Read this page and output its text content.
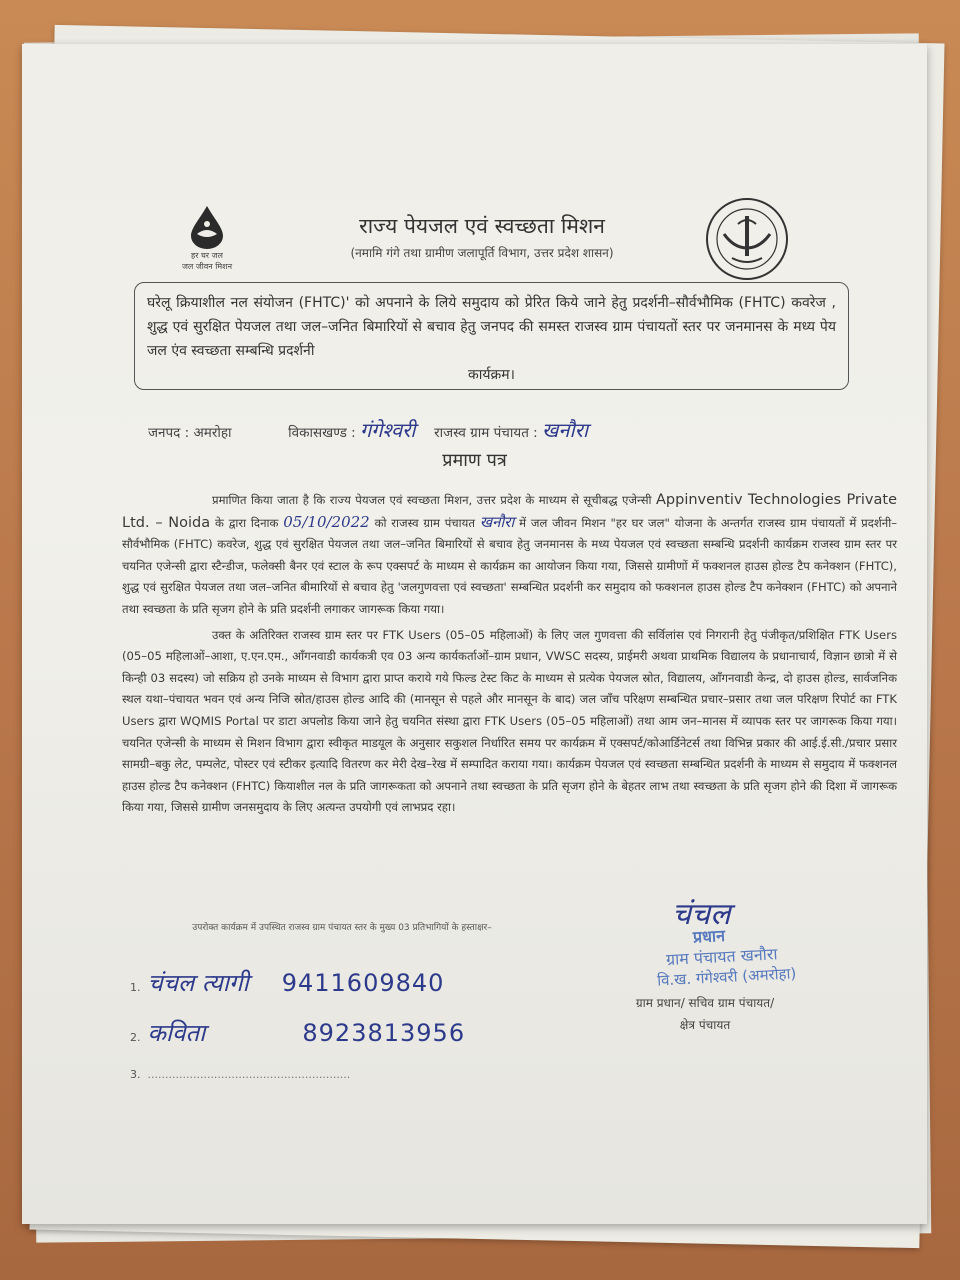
हर घर जल
जल जीवन मिशन
राज्य पेयजल एवं स्वच्छता मिशन
(नमामि गंगे तथा ग्रामीण जलापूर्ति विभाग, उत्तर प्रदेश शासन)
घरेलू क्रियाशील नल संयोजन (FHTC)' को अपनाने के लिये समुदाय को प्रेरित किये जाने हेतु प्रदर्शनी–सौर्वभौमिक (FHTC) कवरेज , शुद्ध एवं सुरक्षित पेयजल तथा जल–जनित बिमारियों से बचाव हेतु जनपद की समस्त राजस्व ग्राम पंचायतों स्तर पर जनमानस के मध्य पेय जल एंव स्वच्छता सम्बन्धि प्रदर्शनी
कार्यक्रम।
जनपद : अमरोहा	विकासखण्ड : गंगेश्वरी राजस्व ग्राम पंचायत : खनौरा
प्रमाण पत्र

प्रमाणित किया जाता है कि राज्य पेयजल एवं स्वच्छता मिशन, उत्तर प्रदेश के माध्यम से सूचीबद्ध एजेन्सी Appinventiv Technologies Private Ltd. – Noida के द्वारा दिनाक 05/10/2022 को राजस्व ग्राम पंचायत खनौरा में जल जीवन मिशन "हर घर जल" योजना के अन्तर्गत राजस्व ग्राम पंचायतों में प्रदर्शनी–सौर्वभौमिक (FHTC) कवरेज, शुद्ध एवं सुरक्षित पेयजल तथा जल–जनित बिमारियों से बचाव हेतु जनमानस के मध्य पेयजल एवं स्वच्छता सम्बन्धि प्रदर्शनी कार्यक्रम राजस्व ग्राम स्तर पर चयनित एजेन्सी द्वारा स्टैन्डीज, फलेक्सी बैनर एवं स्टाल के रूप एक्सपर्ट के माध्यम से कार्यक्रम का आयोजन किया गया, जिससे ग्रामीणों में फक्शनल हाउस होल्ड टैप कनेक्शन (FHTC), शुद्ध एवं सुरक्षित पेयजल तथा जल–जनित बीमारियों से बचाव हेतु 'जलगुणवत्ता एवं स्वच्छता' सम्बन्धित प्रदर्शनी कर समुदाय को फक्शनल हाउस होल्ड टैप कनेक्शन (FHTC) को अपनाने तथा स्वच्छता के प्रति सृजग होने के प्रति प्रदर्शनी लगाकर जागरूक किया गया।

उक्त के अतिरिक्त राजस्व ग्राम स्तर पर FTK Users (05–05 महिलाओं) के लिए जल गुणवत्ता की सर्विलांस एवं निगरानी हेतु पंजीकृत/प्रशिक्षित FTK Users (05–05 महिलाओं–आशा, ए.एन.एम., आँगनवाडी कार्यकत्री एव 03 अन्य कार्यकर्ताओं–ग्राम प्रधान, VWSC सदस्य, प्राईमरी अथवा प्राथमिक विद्यालय के प्रधानाचार्य, विज्ञान छात्रो में से किन्ही 03 सदस्य) जो सक्रिय हो उनके माध्यम से विभाग द्वारा प्राप्त कराये गये फिल्ड टेस्ट किट के माध्यम से प्रत्येक पेयजल स्रोत, विद्यालय, आँगनवाडी केन्द्र, दो हाउस होल्ड, सार्वजनिक स्थल यथा–पंचायत भवन एवं अन्य निजि स्रोत/हाउस होल्ड आदि की (मानसून से पहले और मानसून के बाद) जल जाँच परिक्षण सम्बन्धित प्रचार–प्रसार तथा जल परिक्षण रिपोर्ट का FTK Users द्वारा WQMIS Portal पर डाटा अपलोड किया जाने हेतु चयनित संस्था द्वारा FTK Users (05–05 महिलाओं) तथा आम जन–मानस में व्यापक स्तर पर जागरूक किया गया। चयनित एजेन्सी के माध्यम से मिशन विभाग द्वारा स्वीकृत माडयूल के अनुसार सकुशल निर्धारित समय पर कार्यक्रम में एक्सपर्ट/कोआर्डिनेटर्स तथा विभिन्न प्रकार की आई.ई.सी./प्रचार प्रसार सामग्री–बकु लेट, पम्पलेट, पोस्टर एवं स्टीकर इत्यादि वितरण कर मेरी देख–रेख में सम्पादित कराया गया। कार्यक्रम पेयजल एवं स्वच्छता सम्बन्धित प्रदर्शनी के माध्यम से समुदाय में फक्शनल हाउस होल्ड टैप कनेक्शन (FHTC) कियाशील नल के प्रति जागरूकता को अपनाने तथा स्वच्छता के प्रति सृजग होने के बेहतर लाभ तथा स्वच्छता के प्रति सृजग होने की दिशा में जागरूक किया गया, जिससे ग्रामीण जनसमुदाय के लिए अत्यन्त उपयोगी एवं लाभप्रद रहा।

उपरोक्त कार्यक्रम में उपस्थित राजस्व ग्राम पंचायत स्तर के मुख्य 03 प्रतिभागियों के हस्ताक्षर–
1. चंचल त्यागी 9411609840
2. कविता	8923813956
3. ..........................................................
चंचल
प्रधान
ग्राम पंचायत खनौरा
वि.ख. गंगेश्वरी (अमरोहा)
ग्राम प्रधान/ सचिव ग्राम पंचायत/
क्षेत्र पंचायत
